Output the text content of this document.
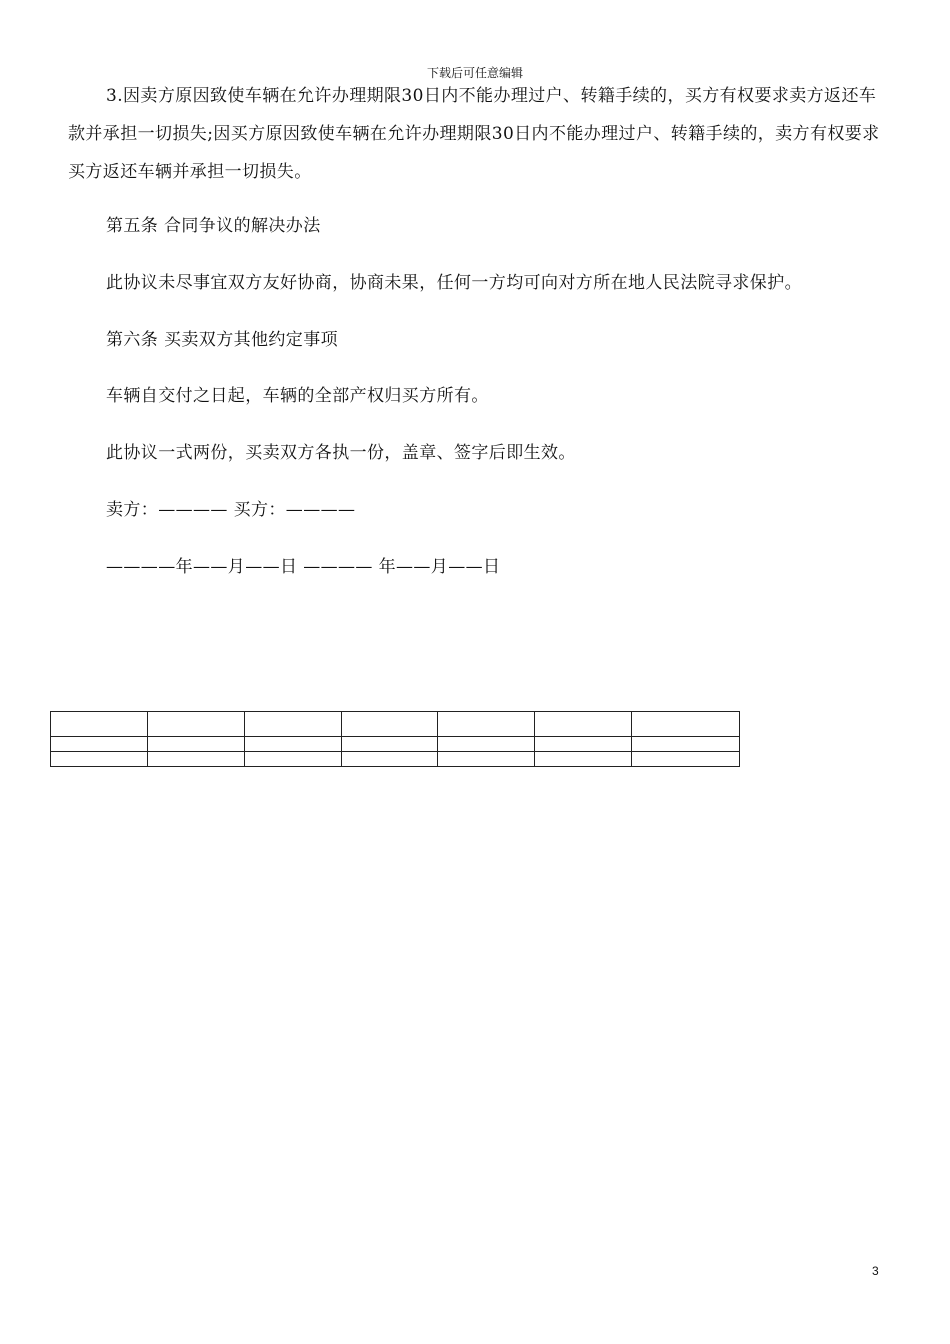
下载后可任意编辑

3.因卖方原因致使车辆在允许办理期限30日内不能办理过户、转籍手续的，买方有权要求卖方返还车款并承担一切损失;因买方原因致使车辆在允许办理期限30日内不能办理过户、转籍手续的，卖方有权要求买方返还车辆并承担一切损失。

第五条 合同争议的解决办法
此协议未尽事宜双方友好协商，协商未果，任何一方均可向对方所在地人民法院寻求保护。
第六条 买卖双方其他约定事项
车辆自交付之日起，车辆的全部产权归买方所有。
此协议一式两份，买卖双方各执一份，盖章、签字后即生效。
卖方：———— 买方：————
————年——月——日 ———— 年——月——日

3
